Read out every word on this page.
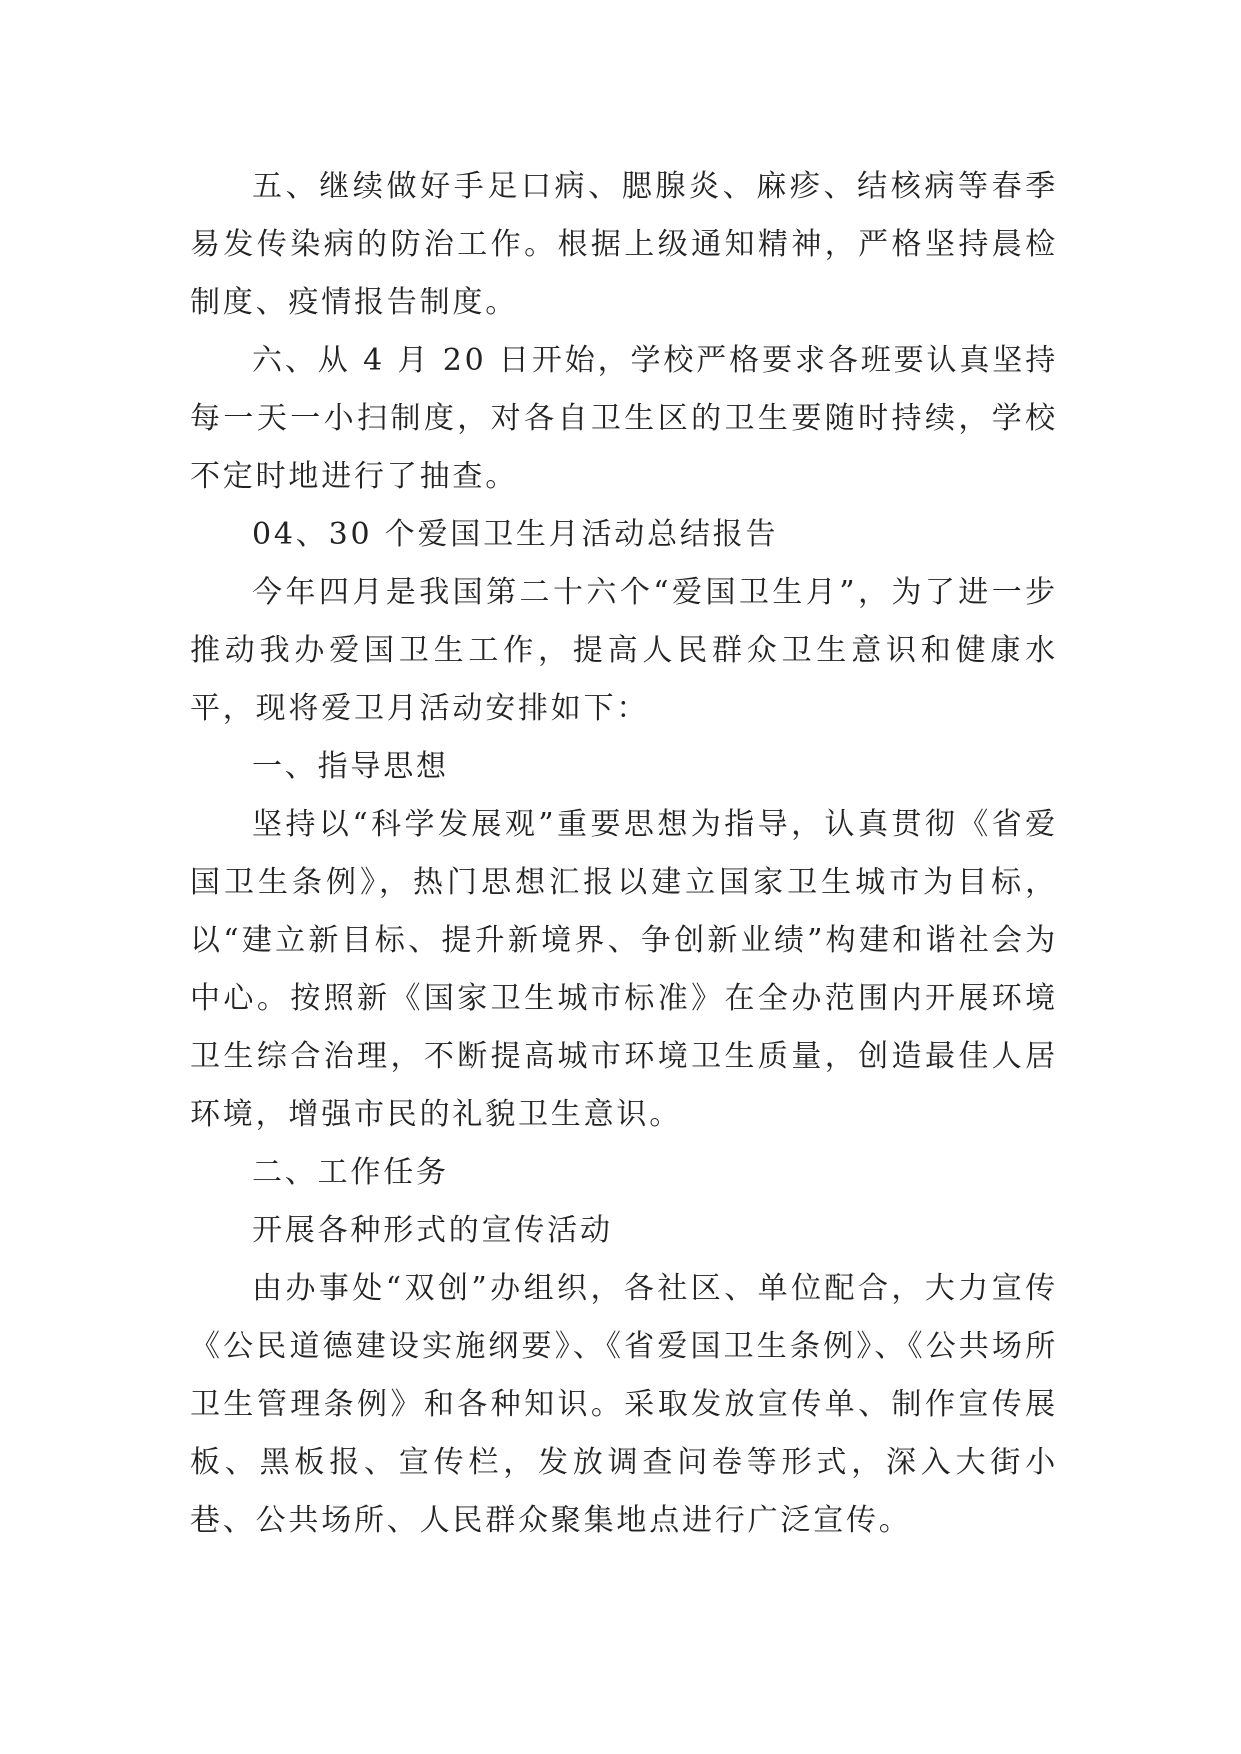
五、继续做好手足口病、腮腺炎、麻疹、结核病等春季易发传染病的防治工作。根据上级通知精神，严格坚持晨检制度、疫情报告制度。

六、从 4 月 20 日开始，学校严格要求各班要认真坚持每一天一小扫制度，对各自卫生区的卫生要随时持续，学校不定时地进行了抽查。

04、30 个爱国卫生月活动总结报告

今年四月是我国第二十六个“爱国卫生月”，为了进一步推动我办爱国卫生工作，提高人民群众卫生意识和健康水平，现将爱卫月活动安排如下：

一、指导思想

坚持以“科学发展观”重要思想为指导，认真贯彻《省爱国卫生条例》，热门思想汇报以建立国家卫生城市为目标，以“建立新目标、提升新境界、争创新业绩”构建和谐社会为中心。按照新《国家卫生城市标准》在全办范围内开展环境卫生综合治理，不断提高城市环境卫生质量，创造最佳人居环境，增强市民的礼貌卫生意识。

二、工作任务

开展各种形式的宣传活动

由办事处“双创”办组织，各社区、单位配合，大力宣传《公民道德建设实施纲要》、《省爱国卫生条例》、《公共场所卫生管理条例》和各种知识。采取发放宣传单、制作宣传展板、黑板报、宣传栏，发放调查问卷等形式，深入大街小巷、公共场所、人民群众聚集地点进行广泛宣传。
